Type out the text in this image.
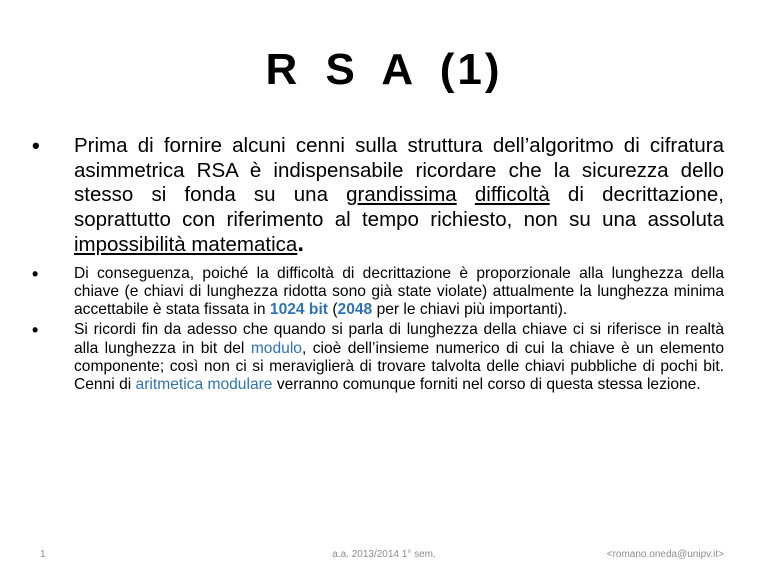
R S A (1)
• Prima di fornire alcuni cenni sulla struttura dell’algoritmo di cifratura asimmetrica RSA è indispensabile ricordare che la sicurezza dello stesso si fonda su una grandissima difficoltà di decrittazione, soprattutto con riferimento al tempo richiesto, non su una assoluta impossibilità matematica.
• Di conseguenza, poiché la difficoltà di decrittazione è proporzionale alla lunghezza della chiave (e chiavi di lunghezza ridotta sono già state violate) attualmente la lunghezza minima accettabile è stata fissata in 1024 bit (2048 per le chiavi più importanti).
• Si ricordi fin da adesso che quando si parla di lunghezza della chiave ci si riferisce in realtà alla lunghezza in bit del modulo, cioè dell’insieme numerico di cui la chiave è un elemento componente; così non ci si meraviglierà di trovare talvolta delle chiavi pubbliche di pochi bit. Cenni di aritmetica modulare verranno comunque forniti nel corso di questa stessa lezione.
1	a.a. 2013/2014 1° sem.	<romano.oneda@unipv.it>
